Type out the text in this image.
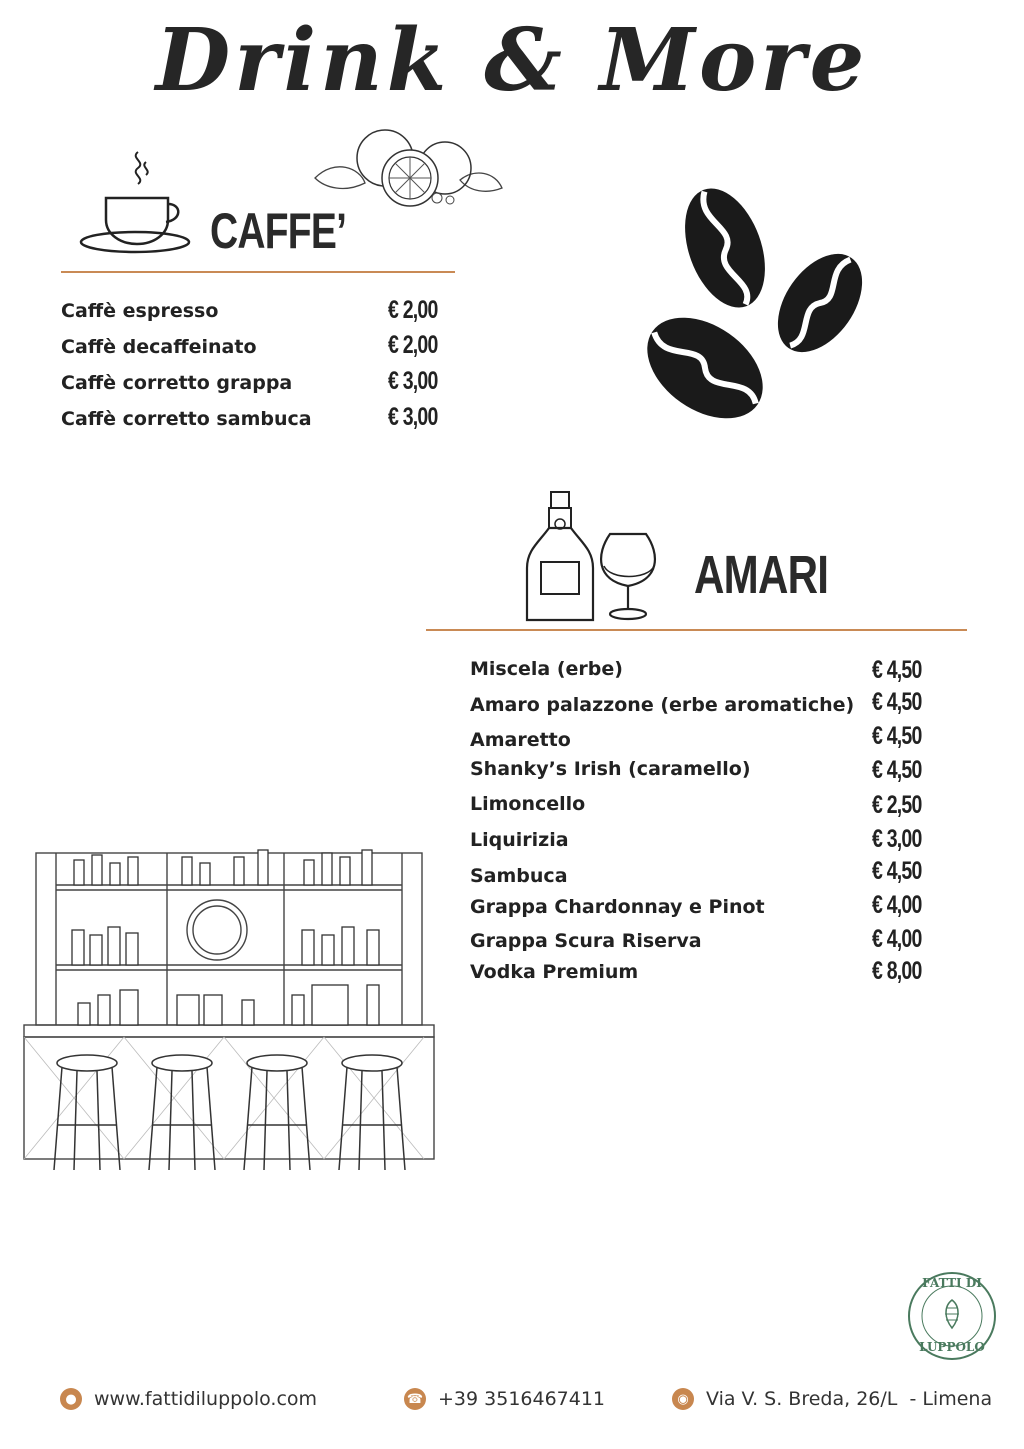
Drink & More
CAFFE’
Caffè espresso	€ 2,00
Caffè decaffeinato	€ 2,00
Caffè corretto grappa	€ 3,00
Caffè corretto sambuca	€ 3,00
AMARI
Miscela (erbe)	€ 4,50
Amaro palazzone (erbe aromatiche) € 4,50
Amaretto	€ 4,50
Shanky’s Irish (caramello)	€ 4,50
Limoncello	€ 2,50
Liquirizia	€ 3,00
Sambuca	€ 4,50
Grappa Chardonnay e Pinot	€ 4,00
Grappa Scura Riserva	€ 4,00
Vodka Premium	€ 8,00
FATTI DI
LUPPOLO
● www.fattidiluppolo.com	☎ +39 3516467411	◉ Via V. S. Breda, 26/L  - Limena
